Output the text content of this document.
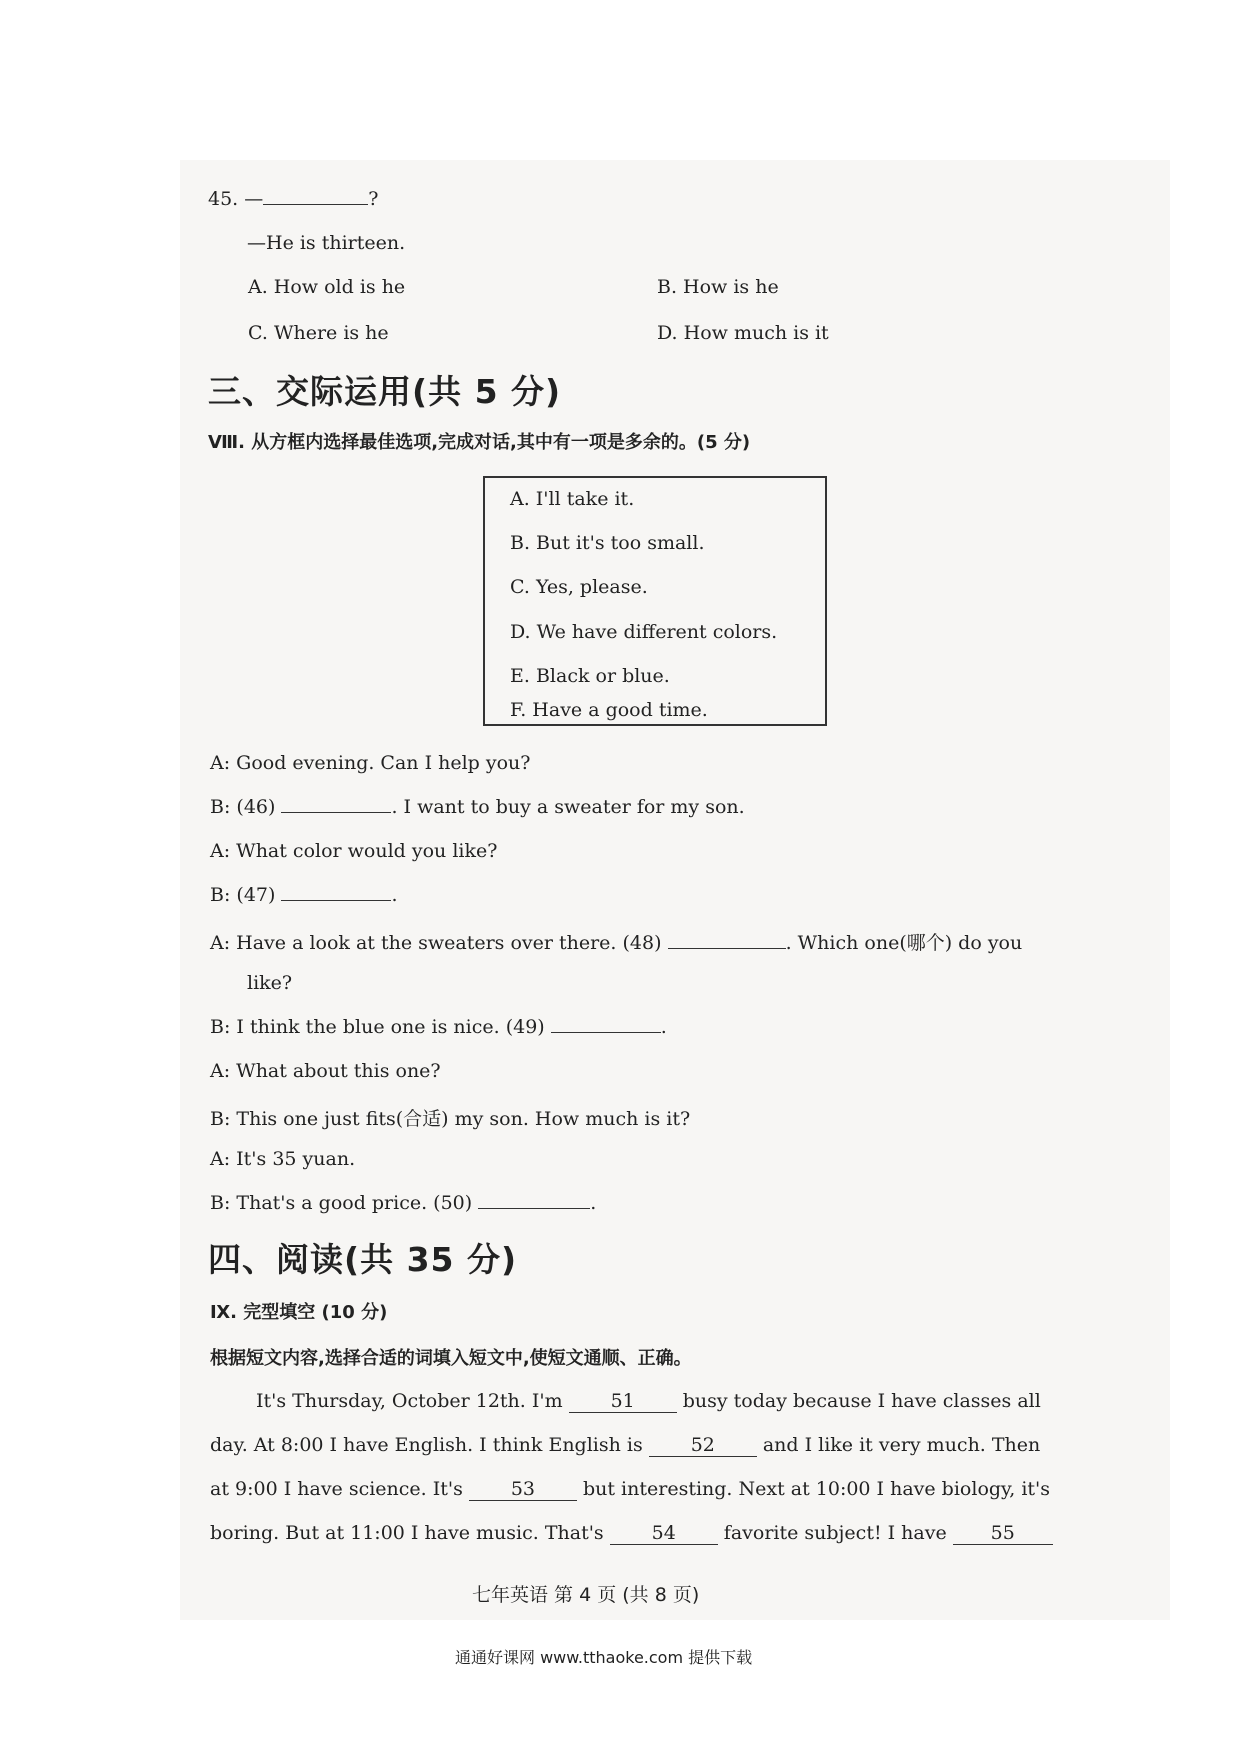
45. —	?
—He is thirteen.
A. How old is he	B. How is he
C. Where is he	D. How much is it
三、交际运用(共 5 分)
Ⅷ. 从方框内选择最佳选项,完成对话,其中有一项是多余的。(5 分)
A. I'll take it.
B. But it's too small.
C. Yes, please.
D. We have different colors.
E. Black or blue.
F. Have a good time.
A: Good evening. Can I help you?
B: (46)	. I want to buy a sweater for my son.
A: What color would you like?
B: (47)	.
A: Have a look at the sweaters over there. (48)	. Which one(哪个) do you
like?
B: I think the blue one is nice. (49)	.
A: What about this one?
B: This one just fits(合适) my son. How much is it?
A: It's 35 yuan.
B: That's a good price. (50)	.
四、阅读(共 35 分)
Ⅸ. 完型填空 (10 分)
根据短文内容,选择合适的词填入短文中,使短文通顺、正确。
It's Thursday, October 12th. I'm	51	busy today because I have classes all
day. At 8:00 I have English. I think English is	52	and I like it very much. Then
at 9:00 I have science. It's	53	but interesting. Next at 10:00 I have biology, it's
boring. But at 11:00 I have music. That's	54	favorite subject! I have 55
七年英语 第 4 页 (共 8 页)
通通好课网 www.tthaoke.com 提供下载
